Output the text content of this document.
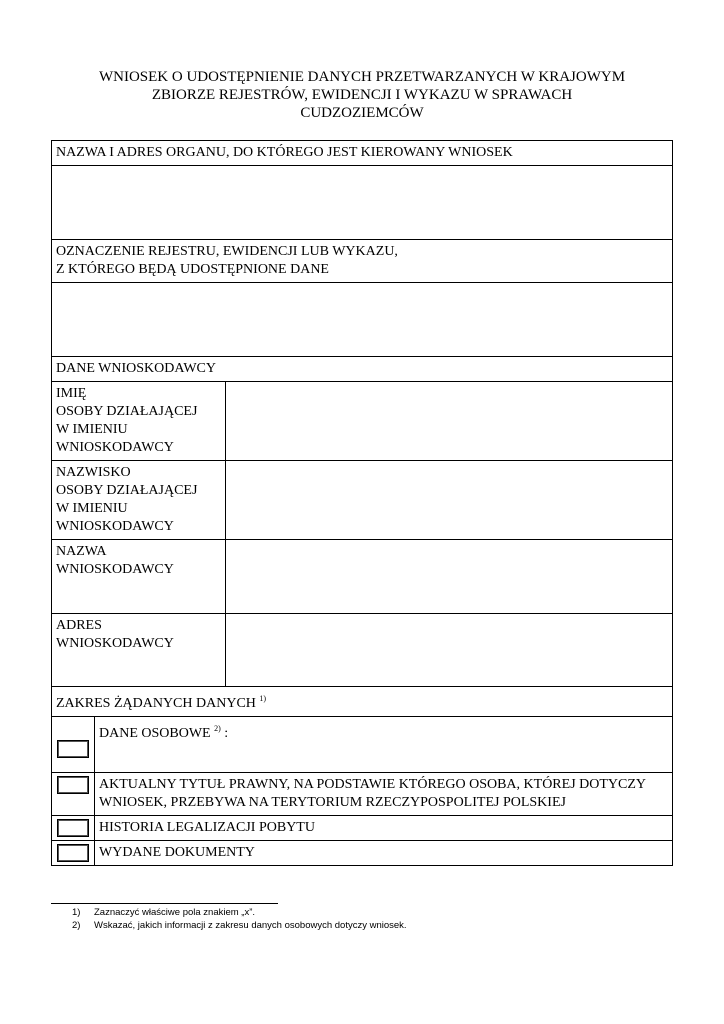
WNIOSEK O UDOSTĘPNIENIE DANYCH PRZETWARZANYCH W KRAJOWYM
ZBIORZE REJESTRÓW, EWIDENCJI I WYKAZU W SPRAWACH
CUDZOZIEMCÓW
NAZWA I ADRES ORGANU, DO KTÓREGO JEST KIEROWANY WNIOSEK

OZNACZENIE REJESTRU, EWIDENCJI LUB WYKAZU,
Z KTÓREGO BĘDĄ UDOSTĘPNIONE DANE

DANE WNIOSKODAWCY

IMIĘ
OSOBY DZIAŁAJĄCEJ
W IMIENIU
WNIOSKODAWCY

NAZWISKO
OSOBY DZIAŁAJĄCEJ
W IMIENIU
WNIOSKODAWCY

NAZWA
WNIOSKODAWCY

ADRES
WNIOSKODAWCY

ZAKRES ŻĄDANYCH DANYCH $^{1)}$

	DANE OSOBOWE $^{2)}$ :

AKTUALNY TYTUŁ PRAWNY, NA PODSTAWIE KTÓREGO OSOBA, KTÓREJ DOTYCZY
WNIOSEK, PRZEBYWA NA TERYTORIUM RZECZYPOSPOLITEJ POLSKIEJ

	HISTORIA LEGALIZACJI POBYTU

	WYDANE DOKUMENTY
1) Zaznaczyć właściwe pola znakiem „x”.
2) Wskazać, jakich informacji z zakresu danych osobowych dotyczy wniosek.
